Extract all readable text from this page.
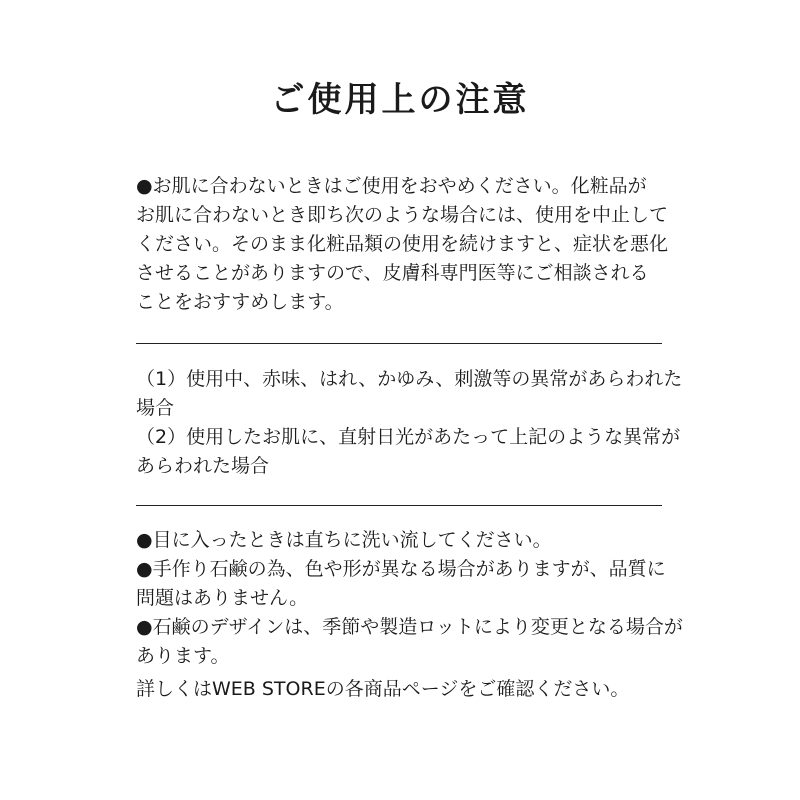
ご使用上の注意
●お肌に合わないときはご使用をおやめください。化粧品が
お肌に合わないとき即ち次のような場合には、使用を中止して
ください。そのまま化粧品類の使用を続けますと、症状を悪化
させることがありますので、皮膚科専門医等にご相談される
ことをおすすめします。
（1）使用中、赤味、はれ、かゆみ、刺激等の異常があらわれた
場合
（2）使用したお肌に、直射日光があたって上記のような異常が
あらわれた場合
●目に入ったときは直ちに洗い流してください。
●手作り石鹸の為、色や形が異なる場合がありますが、品質に
問題はありません。
●石鹸のデザインは、季節や製造ロットにより変更となる場合が
あります。
詳しくはWEB STOREの各商品ページをご確認ください。
